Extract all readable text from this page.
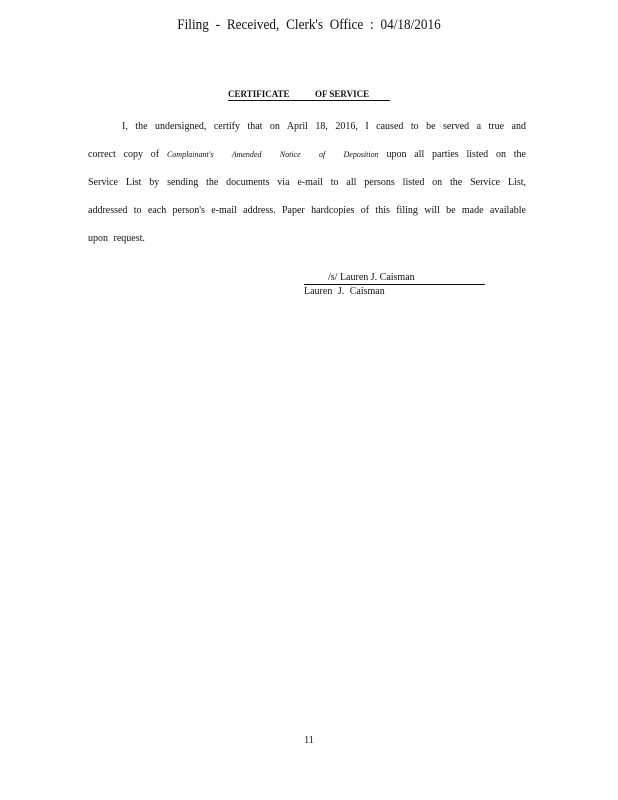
Filing - Received, Clerk's Office : 04/18/2016
CERTIFICATE	OF SERVICE

I, the undersigned, certify that on April 18, 2016, I caused to be served a true and correct copy of Complainant's Amended Notice of Deposition upon all parties listed on the Service List by sending the documents via e-mail to all persons listed on the Service List, addressed to each person's e-mail address. Paper hardcopies of this filing will be made available upon request.
/s/ Lauren J. Caisman
Lauren J. Caisman
11
